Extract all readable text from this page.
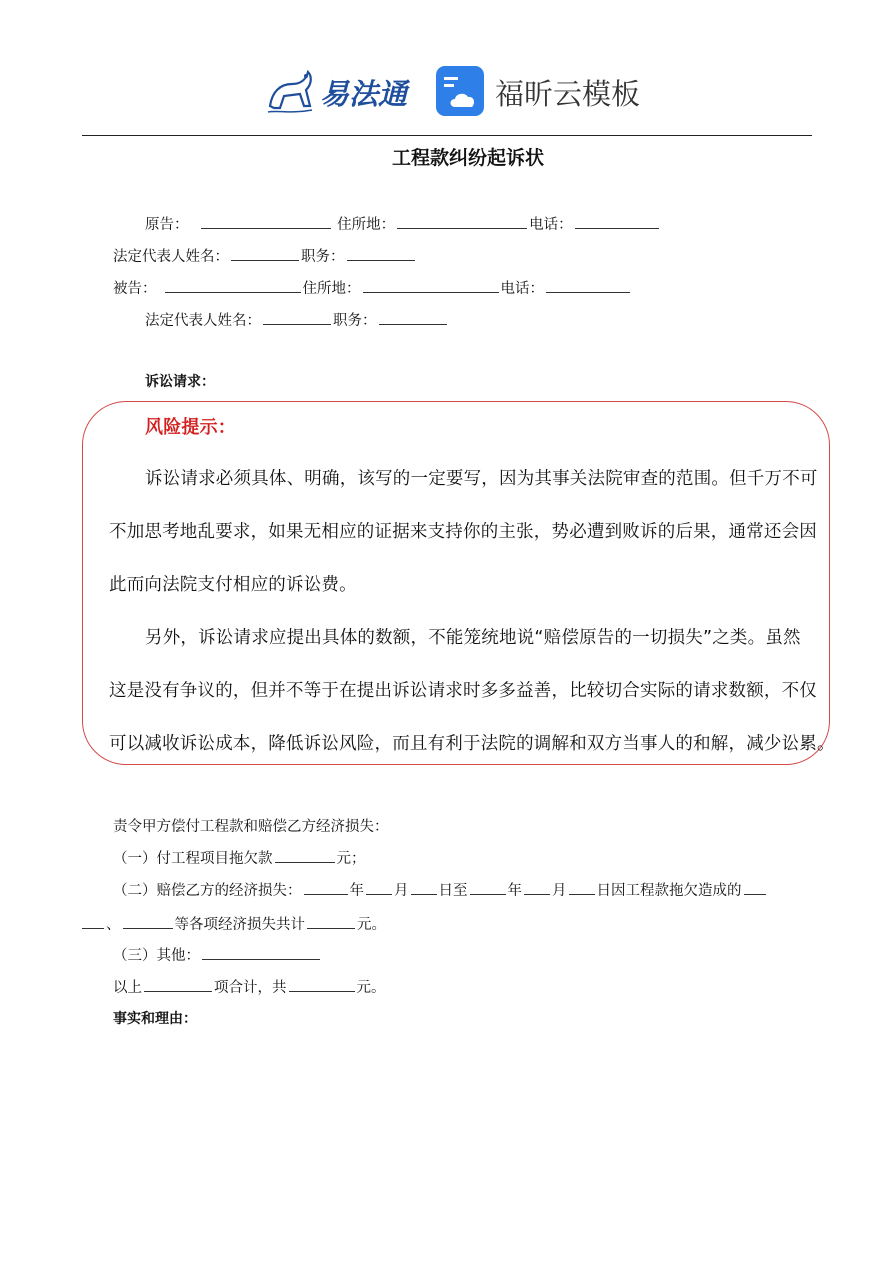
易法通	福昕云模板
工程款纠纷起诉状
原告：	住所地：	电话：
法定代表人姓名：	职务：
被告：	住所地：	电话：
法定代表人姓名：	职务：
诉讼请求：
风险提示：
诉讼请求必须具体、明确，该写的一定要写，因为其事关法院审查的范围。但千万不可
不加思考地乱要求，如果无相应的证据来支持你的主张，势必遭到败诉的后果，通常还会因
此而向法院支付相应的诉讼费。
另外，诉讼请求应提出具体的数额，不能笼统地说“赔偿原告的一切损失”之类。虽然
这是没有争议的，但并不等于在提出诉讼请求时多多益善，比较切合实际的请求数额，不仅
可以减收诉讼成本，降低诉讼风险，而且有利于法院的调解和双方当事人的和解，减少讼累。
责令甲方偿付工程款和赔偿乙方经济损失：
（一）付工程项目拖欠款	元；
（二）赔偿乙方的经济损失：	年 月 日至	年 月 日因工程款拖欠造成的
、	等各项经济损失共计	元。
（三）其他：
以上	项合计，共	元。
事实和理由：
